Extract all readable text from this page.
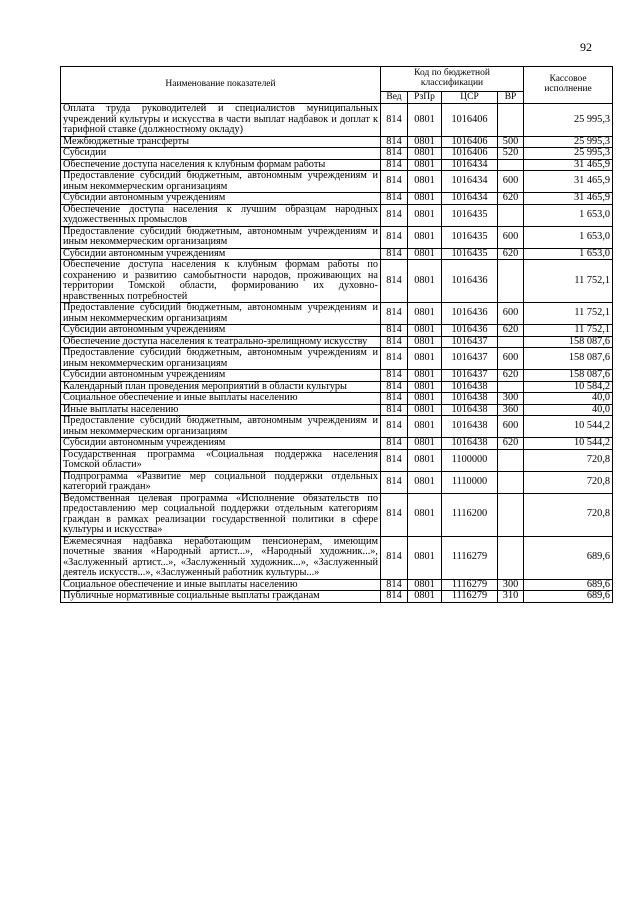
92
Наименование показателей	Код по бюджетной классификации				Кассовое исполнение
	Вед	РзПр	ЦСР	ВР	
Оплата труда руководителей и специалистов муниципальных учреждений культуры и искусства в части выплат надбавок и доплат к тарифной ставке (должностному окладу)	814	0801	1016406		25 995,3
Межбюджетные трансферты	814	0801	1016406	500	25 995,3
Субсидии	814	0801	1016406	520	25 995,3
Обеспечение доступа населения к клубным формам работы	814	0801	1016434		31 465,9
Предоставление субсидий бюджетным, автономным учреждениям и иным некоммерческим организациям	814	0801	1016434	600	31 465,9
Субсидии автономным учреждениям	814	0801	1016434	620	31 465,9
Обеспечение доступа населения к лучшим образцам народных художественных промыслов	814	0801	1016435		1 653,0
Предоставление субсидий бюджетным, автономным учреждениям и иным некоммерческим организациям	814	0801	1016435	600	1 653,0
Субсидии автономным учреждениям	814	0801	1016435	620	1 653,0
Обеспечение доступа населения к клубным формам работы по сохранению и развитию самобытности народов, проживающих на территории Томской области, формированию их духовно-нравственных потребностей	814	0801	1016436		11 752,1
Предоставление субсидий бюджетным, автономным учреждениям и иным некоммерческим организациям	814	0801	1016436	600	11 752,1
Субсидии автономным учреждениям	814	0801	1016436	620	11 752,1
Обеспечение доступа населения к театрально-зрелищному искусству	814	0801	1016437		158 087,6
Предоставление субсидий бюджетным, автономным учреждениям и иным некоммерческим организациям	814	0801	1016437	600	158 087,6
Субсидии автономным учреждениям	814	0801	1016437	620	158 087,6
Календарный план проведения мероприятий в области культуры	814	0801	1016438		10 584,2
Социальное обеспечение и иные выплаты населению	814	0801	1016438	300	40,0
Иные выплаты населению	814	0801	1016438	360	40,0
Предоставление субсидий бюджетным, автономным учреждениям и иным некоммерческим организациям	814	0801	1016438	600	10 544,2
Субсидии автономным учреждениям	814	0801	1016438	620	10 544,2
Государственная программа «Социальная поддержка населения Томской области»	814	0801	1100000		720,8
Подпрограмма «Развитие мер социальной поддержки отдельных категорий граждан»	814	0801	1110000		720,8
Ведомственная целевая программа «Исполнение обязательств по предоставлению мер социальной поддержки отдельным категориям граждан в рамках реализации государственной политики в сфере культуры и искусства»	814	0801	1116200		720,8
Ежемесячная надбавка неработающим пенсионерам, имеющим почетные звания «Народный артист...», «Народный художник...», «Заслуженный артист...», «Заслуженный художник...», «Заслуженный деятель искусств...», «Заслуженный работник культуры...»	814	0801	1116279		689,6
Социальное обеспечение и иные выплаты населению	814	0801	1116279	300	689,6
Публичные нормативные социальные выплаты гражданам	814	0801	1116279	310	689,6
